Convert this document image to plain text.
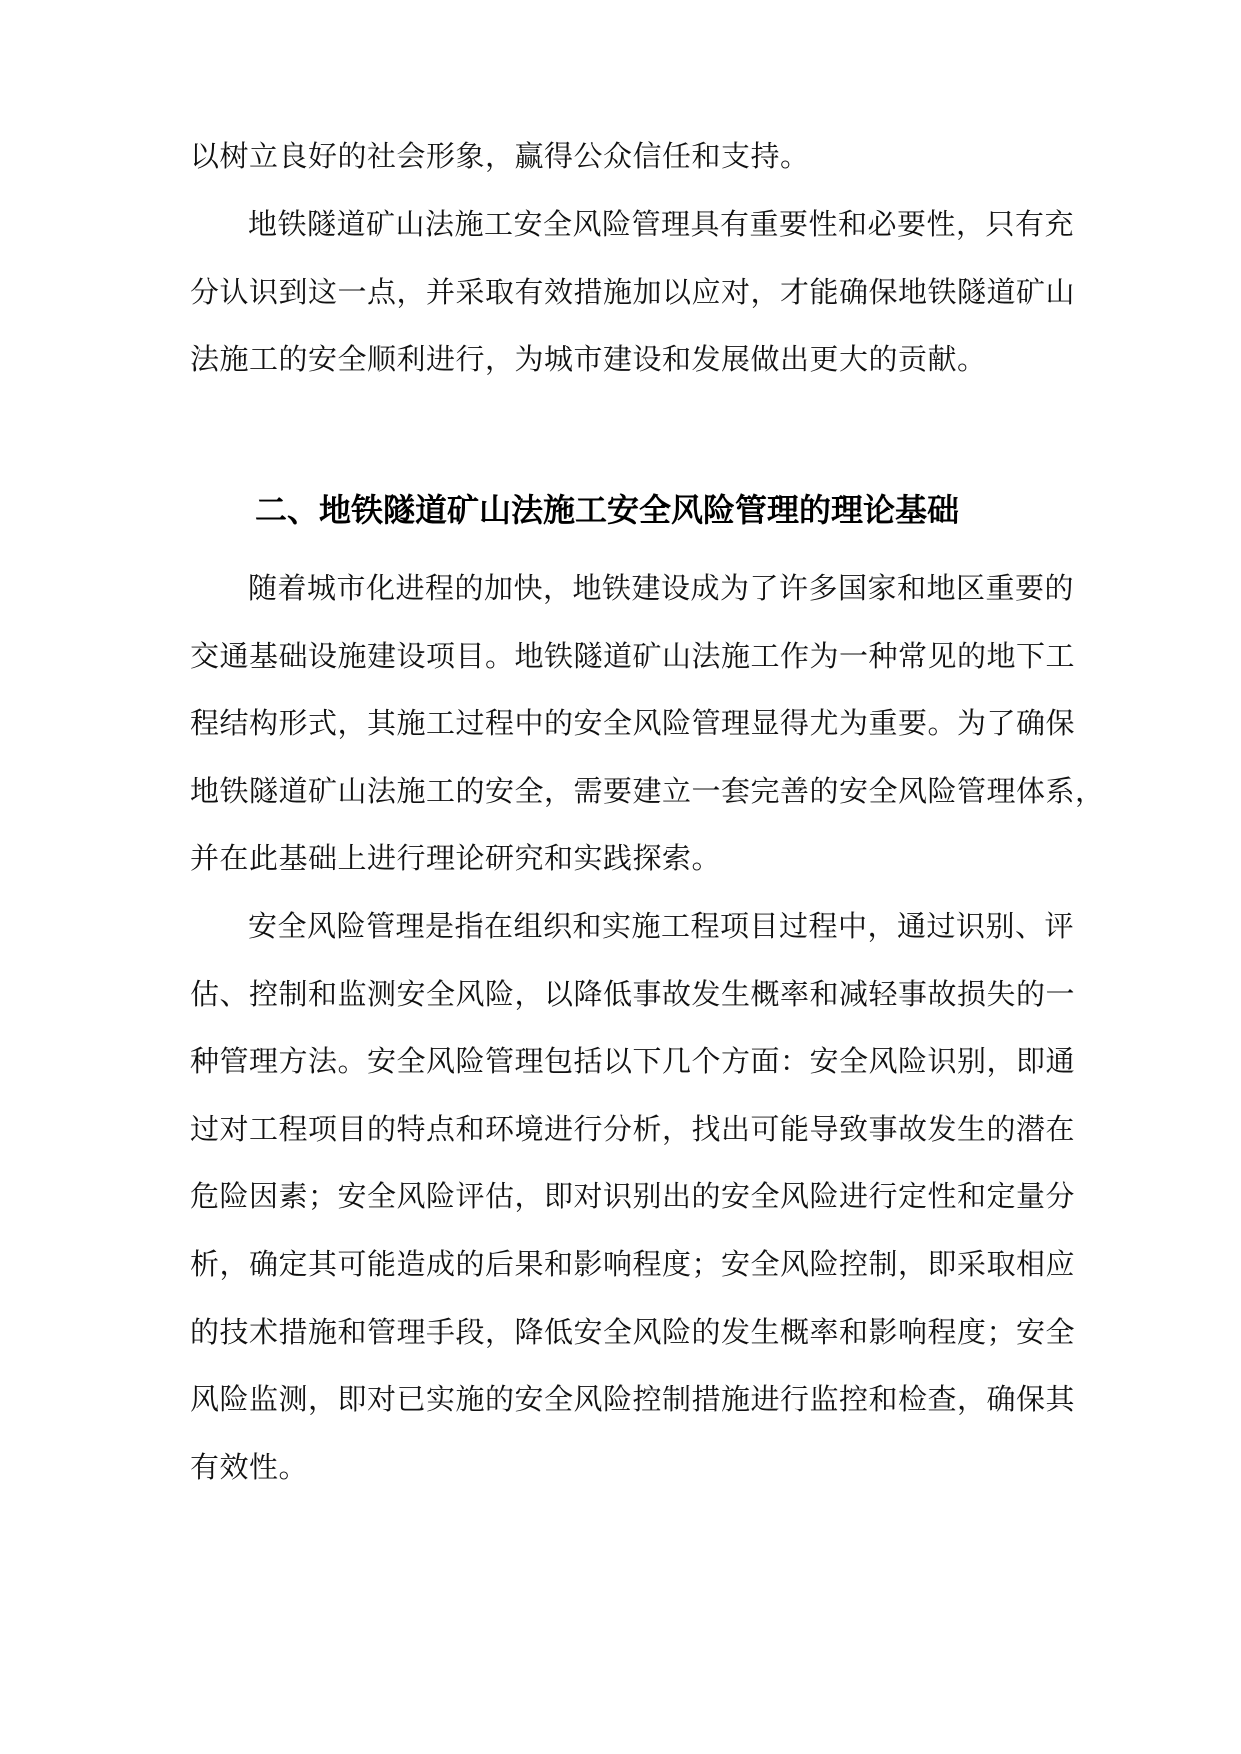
以树立良好的社会形象，赢得公众信任和支持。
地铁隧道矿山法施工安全风险管理具有重要性和必要性，只有充
分认识到这一点，并采取有效措施加以应对，才能确保地铁隧道矿山
法施工的安全顺利进行，为城市建设和发展做出更大的贡献。
二、地铁隧道矿山法施工安全风险管理的理论基础
随着城市化进程的加快，地铁建设成为了许多国家和地区重要的
交通基础设施建设项目。地铁隧道矿山法施工作为一种常见的地下工
程结构形式，其施工过程中的安全风险管理显得尤为重要。为了确保
地铁隧道矿山法施工的安全，需要建立一套完善的安全风险管理体系，
并在此基础上进行理论研究和实践探索。
安全风险管理是指在组织和实施工程项目过程中，通过识别、评
估、控制和监测安全风险，以降低事故发生概率和减轻事故损失的一
种管理方法。安全风险管理包括以下几个方面：安全风险识别，即通
过对工程项目的特点和环境进行分析，找出可能导致事故发生的潜在
危险因素；安全风险评估，即对识别出的安全风险进行定性和定量分
析，确定其可能造成的后果和影响程度；安全风险控制，即采取相应
的技术措施和管理手段，降低安全风险的发生概率和影响程度；安全
风险监测，即对已实施的安全风险控制措施进行监控和检查，确保其
有效性。
